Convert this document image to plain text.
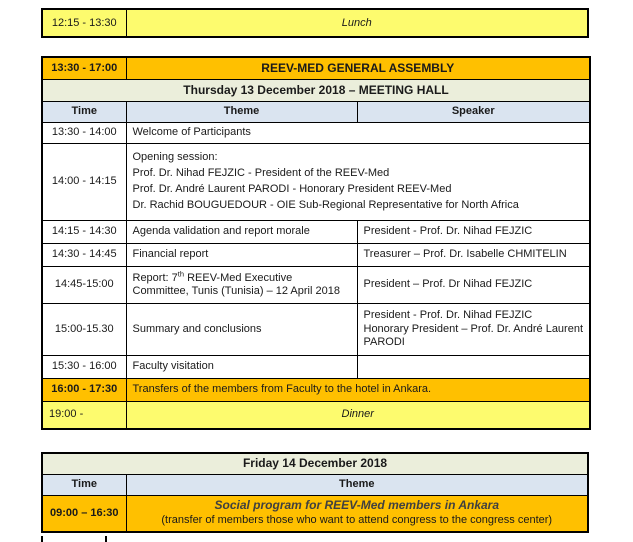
12:15 - 13:30	Lunch
13:30 - 17:00	REEV-MED GENERAL ASSEMBLY	
Thursday 13 December 2018 – MEETING HALL		
Time	Theme	Speaker
13:30 - 14:00	Welcome of Participants	
14:00 - 14:15	Opening session:

Prof. Dr. Nihad FEJZIC - President of the REEV-Med

Prof. Dr. André Laurent PARODI - Honorary President REEV-Med

Dr. Rachid BOUGUEDOUR - OIE Sub-Regional Representative for North Africa	

14:15 - 14:30	Agenda validation and report morale	President - Prof. Dr. Nihad FEJZIC
14:30 - 14:45	Financial report	Treasurer – Prof. Dr. Isabelle CHMITELIN
14:45-15:00	Report: 7th REEV-Med Executive
Committee, Tunis (Tunisia) – 12 April 2018	President – Prof. Dr Nihad FEJZIC
15:00-15.30	Summary and conclusions	President - Prof. Dr. Nihad FEJZIC

Honorary President – Prof. Dr. André Laurent PARODI

15:30 - 16:00	Faculty visitation	
16:00 - 17:30	Transfers of the members from Faculty to the hotel in Ankara.	
19:00 -	Dinner	
Friday 14 December 2018	
Time	Theme
09:00 – 16:30	Social program for REEV-Med members in Ankara
(transfer of members those who want to attend congress to the congress center)
